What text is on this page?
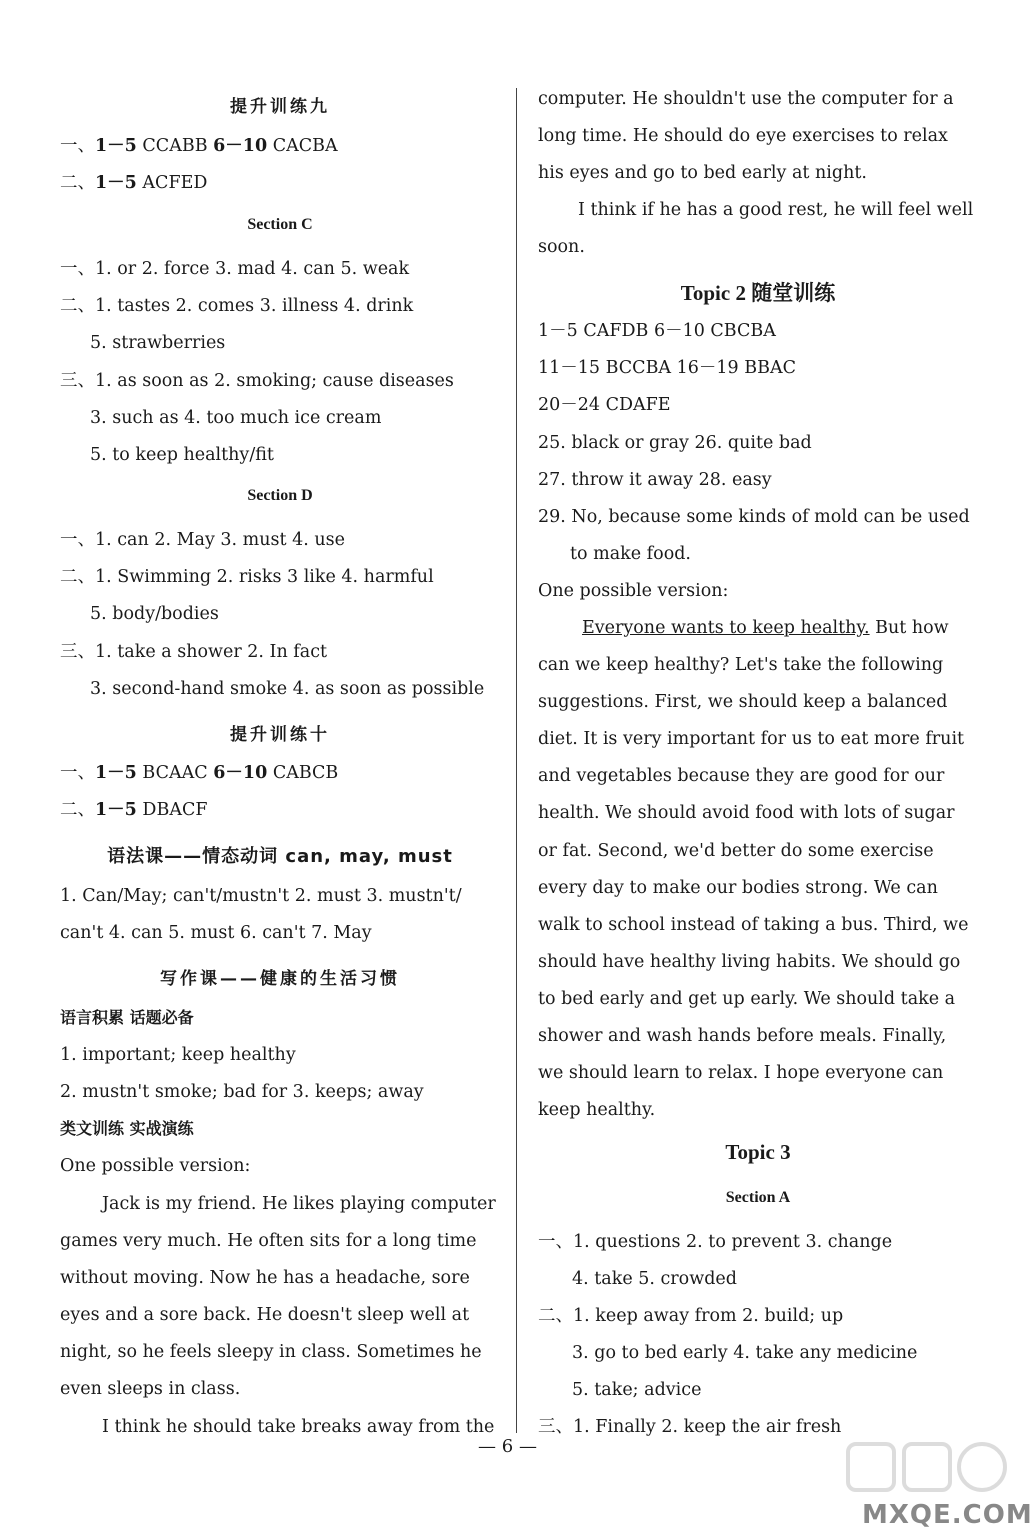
提升训练九
一、1－5 CCABB 6－10 CACBA
二、1－5 ACFED
Section C
一、1. or 2. force 3. mad 4. can 5. weak
二、1. tastes 2. comes 3. illness 4. drink
5. strawberries
三、1. as soon as 2. smoking; cause diseases
3. such as 4. too much ice cream
5. to keep healthy/fit
Section D
一、1. can 2. May 3. must 4. use
二、1. Swimming 2. risks 3 like 4. harmful
5. body/bodies
三、1. take a shower 2. In fact
3. second-hand smoke 4. as soon as possible
提升训练十
一、1－5 BCAAC 6－10 CABCB
二、1－5 DBACF
语法课——情态动词 can, may, must
1. Can/May; can't/mustn't 2. must 3. mustn't/
can't 4. can 5. must 6. can't 7. May
写作课——健康的生活习惯
语言积累 话题必备
1. important; keep healthy
2. mustn't smoke; bad for 3. keeps; away
类文训练 实战演练
One possible version:
Jack is my friend. He likes playing computer
games very much. He often sits for a long time
without moving. Now he has a headache, sore
eyes and a sore back. He doesn't sleep well at
night, so he feels sleepy in class. Sometimes he
even sleeps in class.
I think he should take breaks away from the
computer. He shouldn't use the computer for a
long time. He should do eye exercises to relax
his eyes and go to bed early at night.
I think if he has a good rest, he will feel well
soon.
Topic 2 随堂训练
1－5 CAFDB 6－10 CBCBA
11－15 BCCBA 16－19 BBAC
20－24 CDAFE
25. black or gray 26. quite bad
27. throw it away 28. easy
29. No, because some kinds of mold can be used
to make food.
One possible version:
Everyone wants to keep healthy. But how
can we keep healthy? Let's take the following
suggestions. First, we should keep a balanced
diet. It is very important for us to eat more fruit
and vegetables because they are good for our
health. We should avoid food with lots of sugar
or fat. Second, we'd better do some exercise
every day to make our bodies strong. We can
walk to school instead of taking a bus. Third, we
should have healthy living habits. We should go
to bed early and get up early. We should take a
shower and wash hands before meals. Finally,
we should learn to relax. I hope everyone can
keep healthy.
Topic 3
Section A
一、1. questions 2. to prevent 3. change
4. take 5. crowded
二、1. keep away from 2. build; up
3. go to bed early 4. take any medicine
5. take; advice
三、1. Finally 2. keep the air fresh
— 6 —
MXQE.COM
